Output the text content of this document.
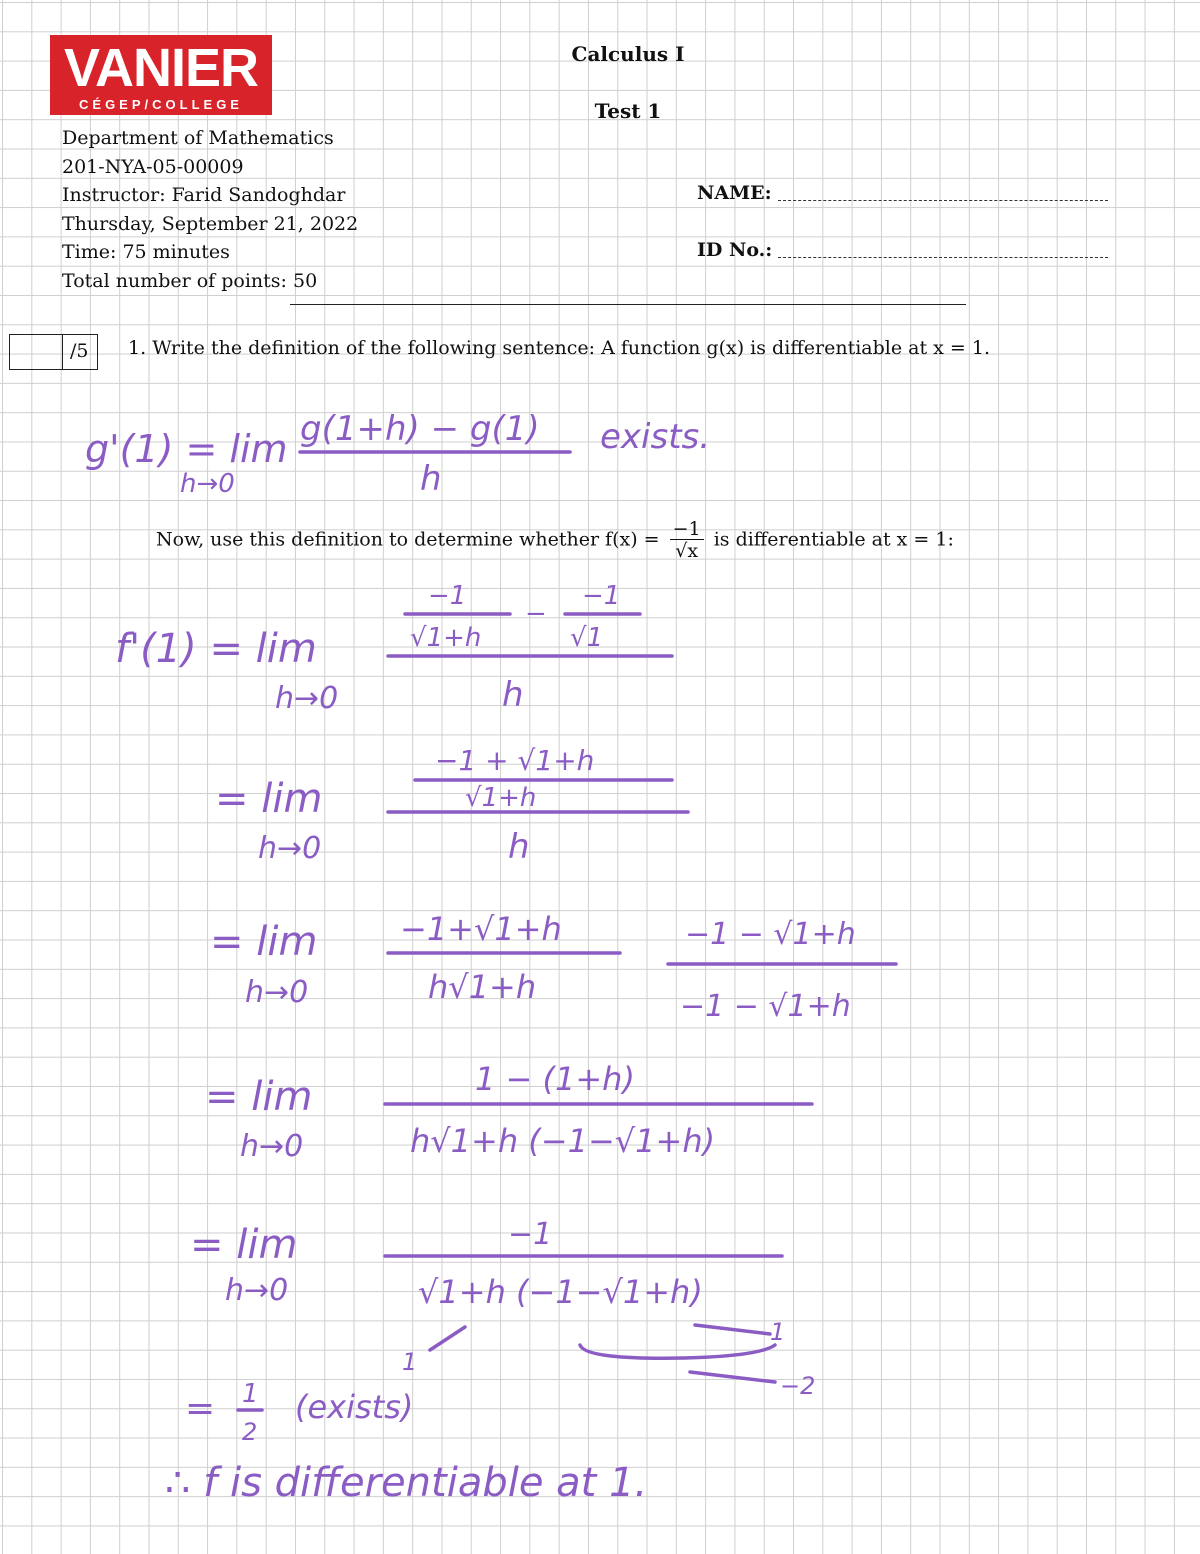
VANIER
CÉGEP/COLLEGE
Calculus I
Test 1
Department of Mathematics
201-NYA-05-00009
Instructor: Farid Sandoghdar
Thursday, September 21, 2022
Time: 75 minutes
Total number of points: 50
NAME:
ID No.:
/5 1. Write the definition of the following sentence: A function g(x) is differentiable at x = 1.
Now, use this definition to determine whether $f(x) = \frac{-1}{√x}$ is differentiable at x = 1:
g'(1) = lim
h→0
g(1+h) − g(1)
h
exists.
f'(1) = lim
h→0
−1
√1+h
−
−1
√1
h
= lim
h→0
−1 + √1+h
√1+h
h
= lim
h→0
−1+√1+h
h√1+h
−1 − √1+h
−1 − √1+h
= lim
h→0
1 − (1+h)
h√1+h (−1−√1+h)
= lim
h→0
−1
√1+h (−1−√1+h)
1
1
−2
= 1
2
(exists)
∴ f is differentiable at 1.
